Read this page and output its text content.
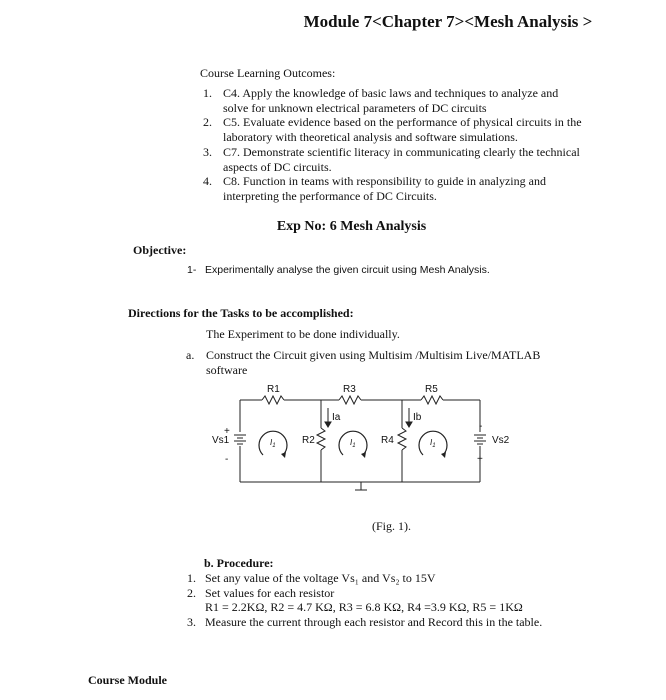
Module 7<Chapter 7><Mesh Analysis >
Course Learning Outcomes:
1. C4. Apply the knowledge of basic laws and techniques to analyze and
solve for unknown electrical parameters of DC circuits
2. C5. Evaluate evidence based on the performance of physical circuits in the
laboratory with theoretical analysis and software simulations.
3. C7. Demonstrate scientific literacy in communicating clearly the technical
aspects of DC circuits.
4. C8. Function in teams with responsibility to guide in analyzing and
interpreting the performance of DC Circuits.
Exp No: 6 Mesh Analysis
Objective:
1- Experimentally analyse the given circuit using Mesh Analysis.
Directions for the Tasks to be accomplished:
The Experiment to be done individually.
a. Construct the Circuit given using Multisim /Multisim Live/MATLAB
software
R1	R3	R5
R2	R4
Vs1	Vs2
Ia	Ib
+
-
-
+
$I_1$	$I_1$	$I_1$
(Fig. 1).
b. Procedure:
1. Set any value of the voltage Vs₁ and Vs₂ to 15V
2. Set values for each resistor
R1 = 2.2KΩ, R2 = 4.7 KΩ, R3 = 6.8 KΩ, R4 =3.9 KΩ, R5 = 1KΩ
3. Measure the current through each resistor and Record this in the table.
Course Module
